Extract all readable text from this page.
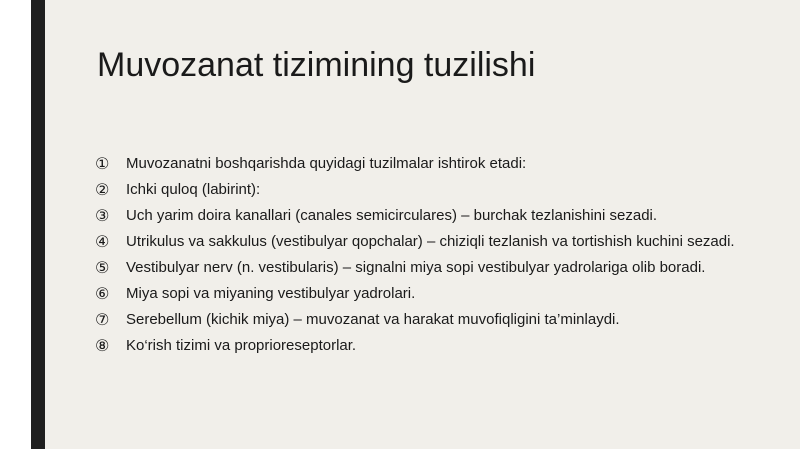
Muvozanat tizimining tuzilishi
①	Muvozanatni boshqarishda quyidagi tuzilmalar ishtirok etadi:
②	Ichki quloq (labirint):
③	Uch yarim doira kanallari (canales semicirculares) – burchak tezlanishini sezadi.
④	Utrikulus va sakkulus (vestibulyar qopchalar) – chiziqli tezlanish va tortishish kuchini sezadi.
⑤	Vestibulyar nerv (n. vestibularis) – signalni miya sopi vestibulyar yadrolariga olib boradi.
⑥	Miya sopi va miyaning vestibulyar yadrolari.
⑦	Serebellum (kichik miya) – muvozanat va harakat muvofiqligini ta’minlaydi.
⑧	Ko‘rish tizimi va proprioreseptorlar.
